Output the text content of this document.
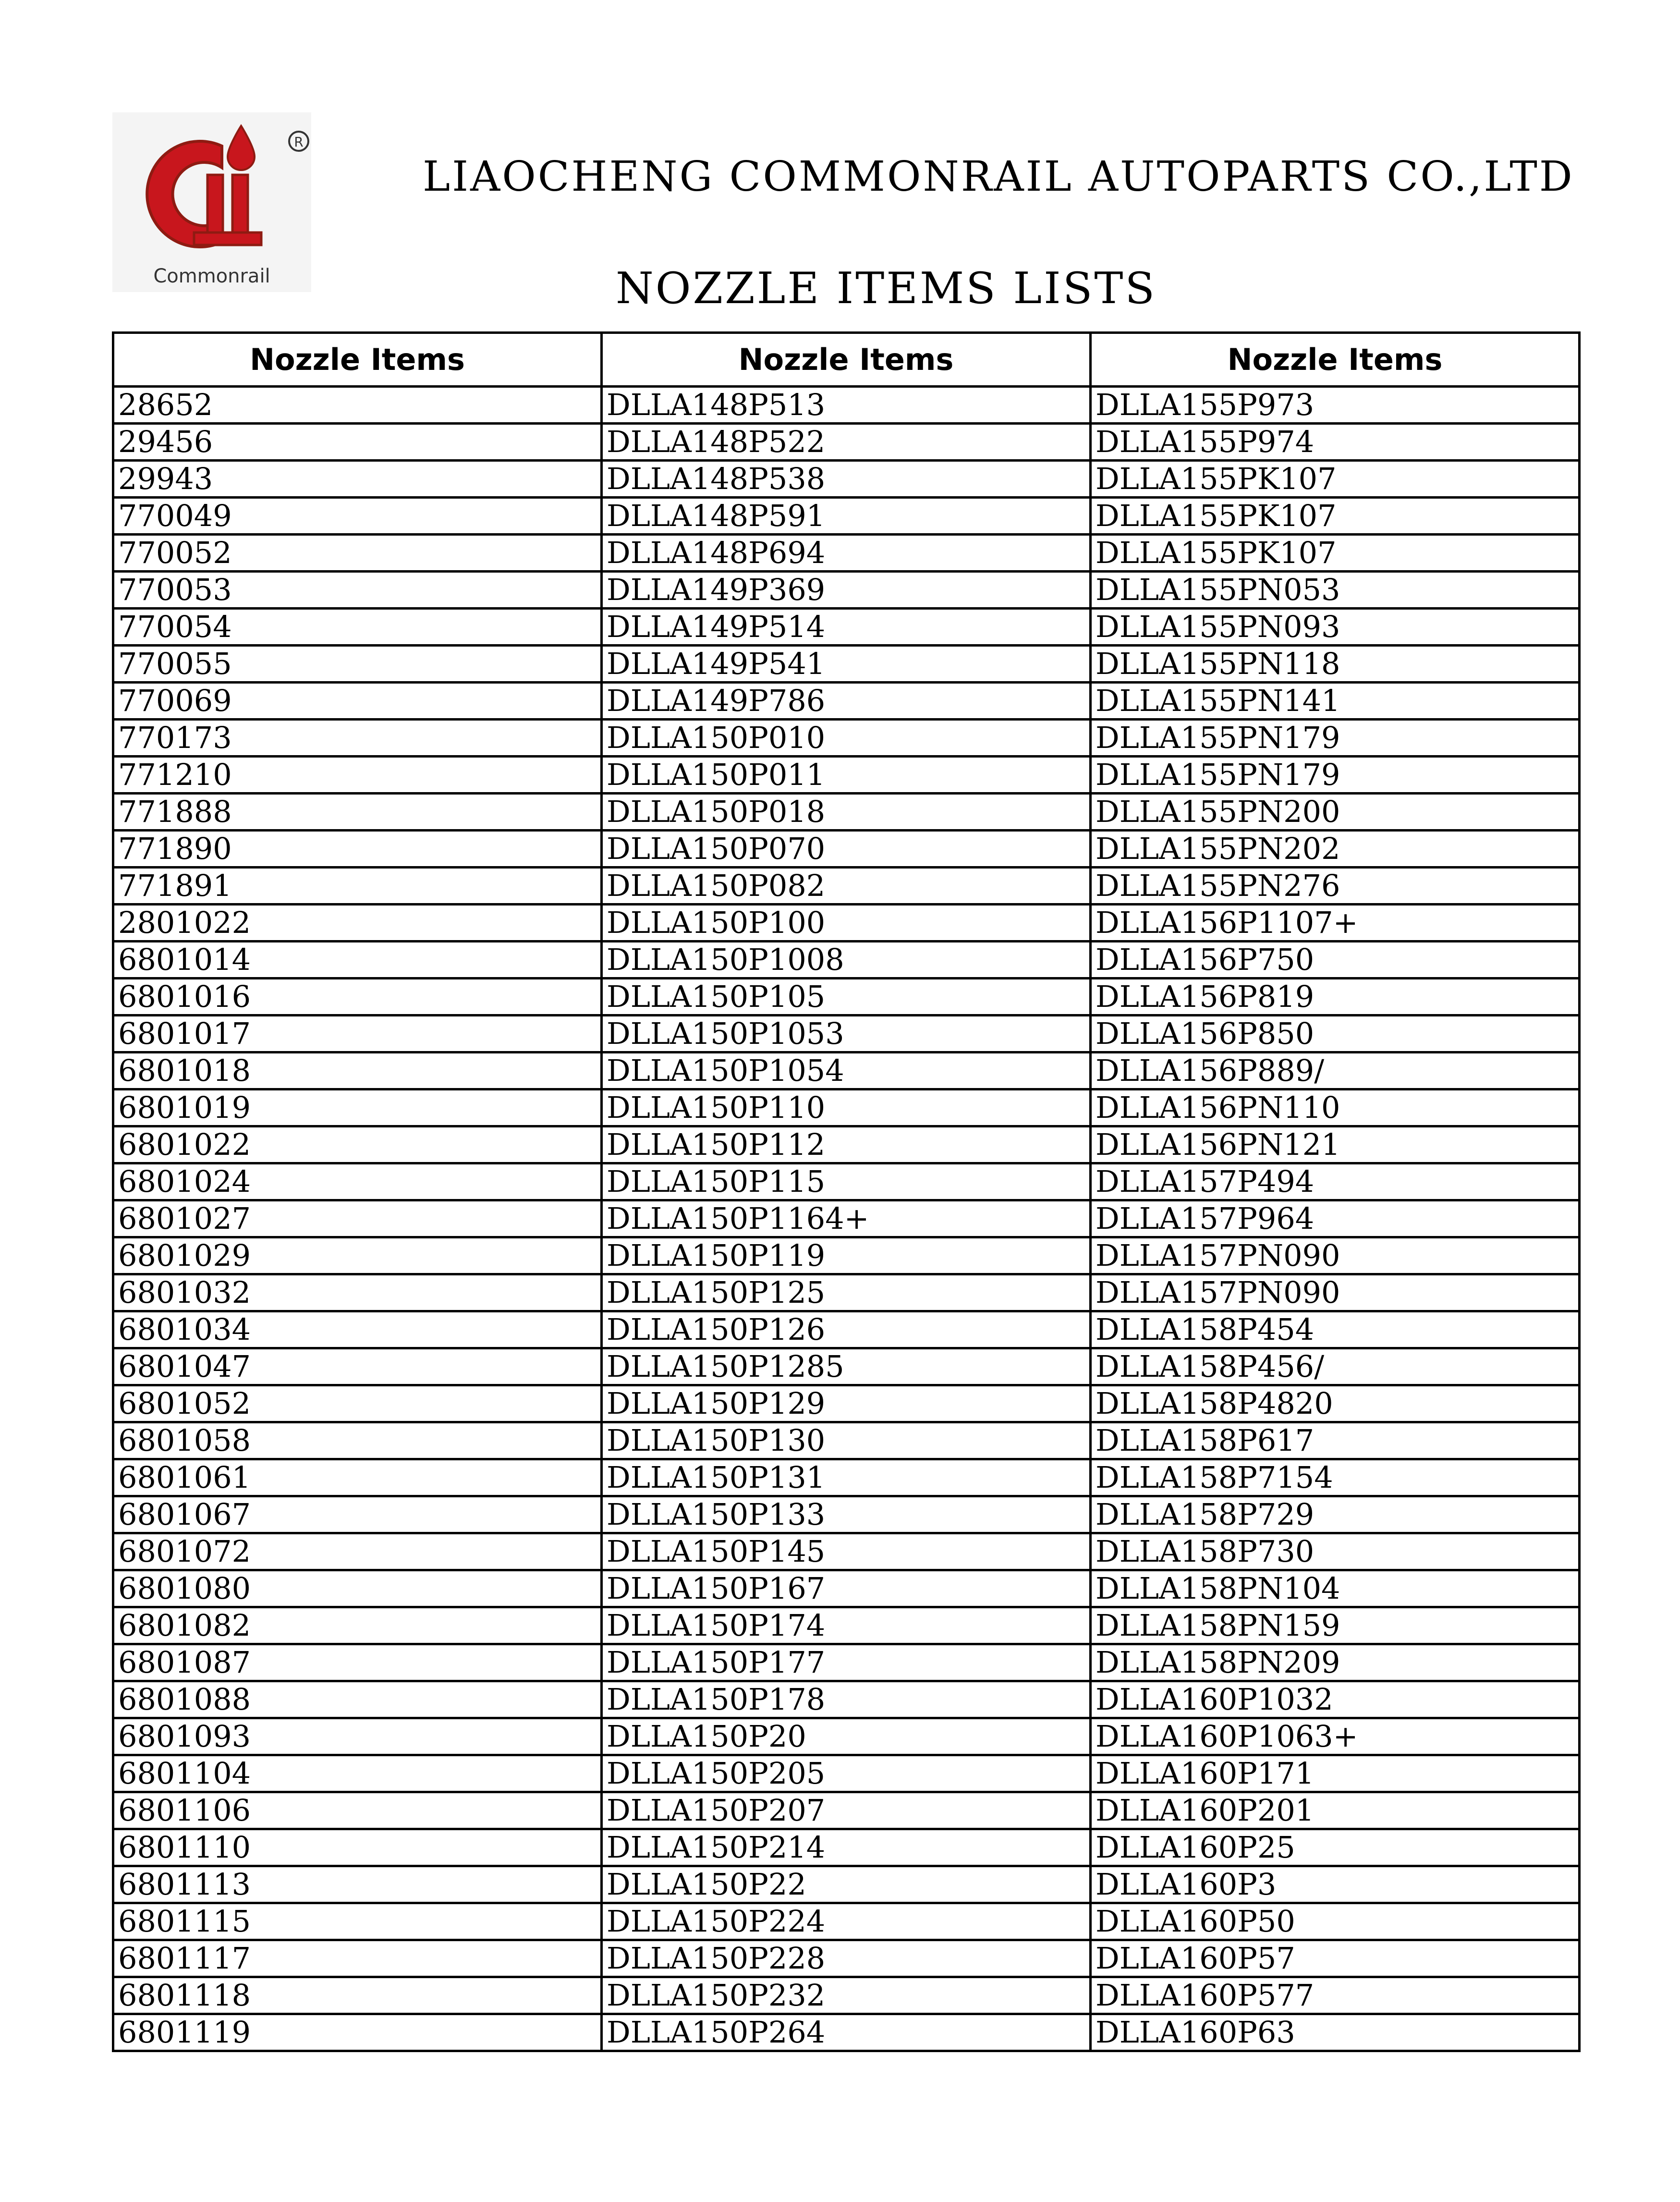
R
Commonrail
LIAOCHENG COMMONRAIL AUTOPARTS CO.,LTD
NOZZLE ITEMS LISTS
Nozzle Items	Nozzle Items	Nozzle Items
28652	DLLA148P513	DLLA155P973
29456	DLLA148P522	DLLA155P974
29943	DLLA148P538	DLLA155PK107
770049	DLLA148P591	DLLA155PK107
770052	DLLA148P694	DLLA155PK107
770053	DLLA149P369	DLLA155PN053
770054	DLLA149P514	DLLA155PN093
770055	DLLA149P541	DLLA155PN118
770069	DLLA149P786	DLLA155PN141
770173	DLLA150P010	DLLA155PN179
771210	DLLA150P011	DLLA155PN179
771888	DLLA150P018	DLLA155PN200
771890	DLLA150P070	DLLA155PN202
771891	DLLA150P082	DLLA155PN276
2801022	DLLA150P100	DLLA156P1107+
6801014	DLLA150P1008	DLLA156P750
6801016	DLLA150P105	DLLA156P819
6801017	DLLA150P1053	DLLA156P850
6801018	DLLA150P1054	DLLA156P889/
6801019	DLLA150P110	DLLA156PN110
6801022	DLLA150P112	DLLA156PN121
6801024	DLLA150P115	DLLA157P494
6801027	DLLA150P1164+	DLLA157P964
6801029	DLLA150P119	DLLA157PN090
6801032	DLLA150P125	DLLA157PN090
6801034	DLLA150P126	DLLA158P454
6801047	DLLA150P1285	DLLA158P456/
6801052	DLLA150P129	DLLA158P4820
6801058	DLLA150P130	DLLA158P617
6801061	DLLA150P131	DLLA158P7154
6801067	DLLA150P133	DLLA158P729
6801072	DLLA150P145	DLLA158P730
6801080	DLLA150P167	DLLA158PN104
6801082	DLLA150P174	DLLA158PN159
6801087	DLLA150P177	DLLA158PN209
6801088	DLLA150P178	DLLA160P1032
6801093	DLLA150P20	DLLA160P1063+
6801104	DLLA150P205	DLLA160P171
6801106	DLLA150P207	DLLA160P201
6801110	DLLA150P214	DLLA160P25
6801113	DLLA150P22	DLLA160P3
6801115	DLLA150P224	DLLA160P50
6801117	DLLA150P228	DLLA160P57
6801118	DLLA150P232	DLLA160P577
6801119	DLLA150P264	DLLA160P63
